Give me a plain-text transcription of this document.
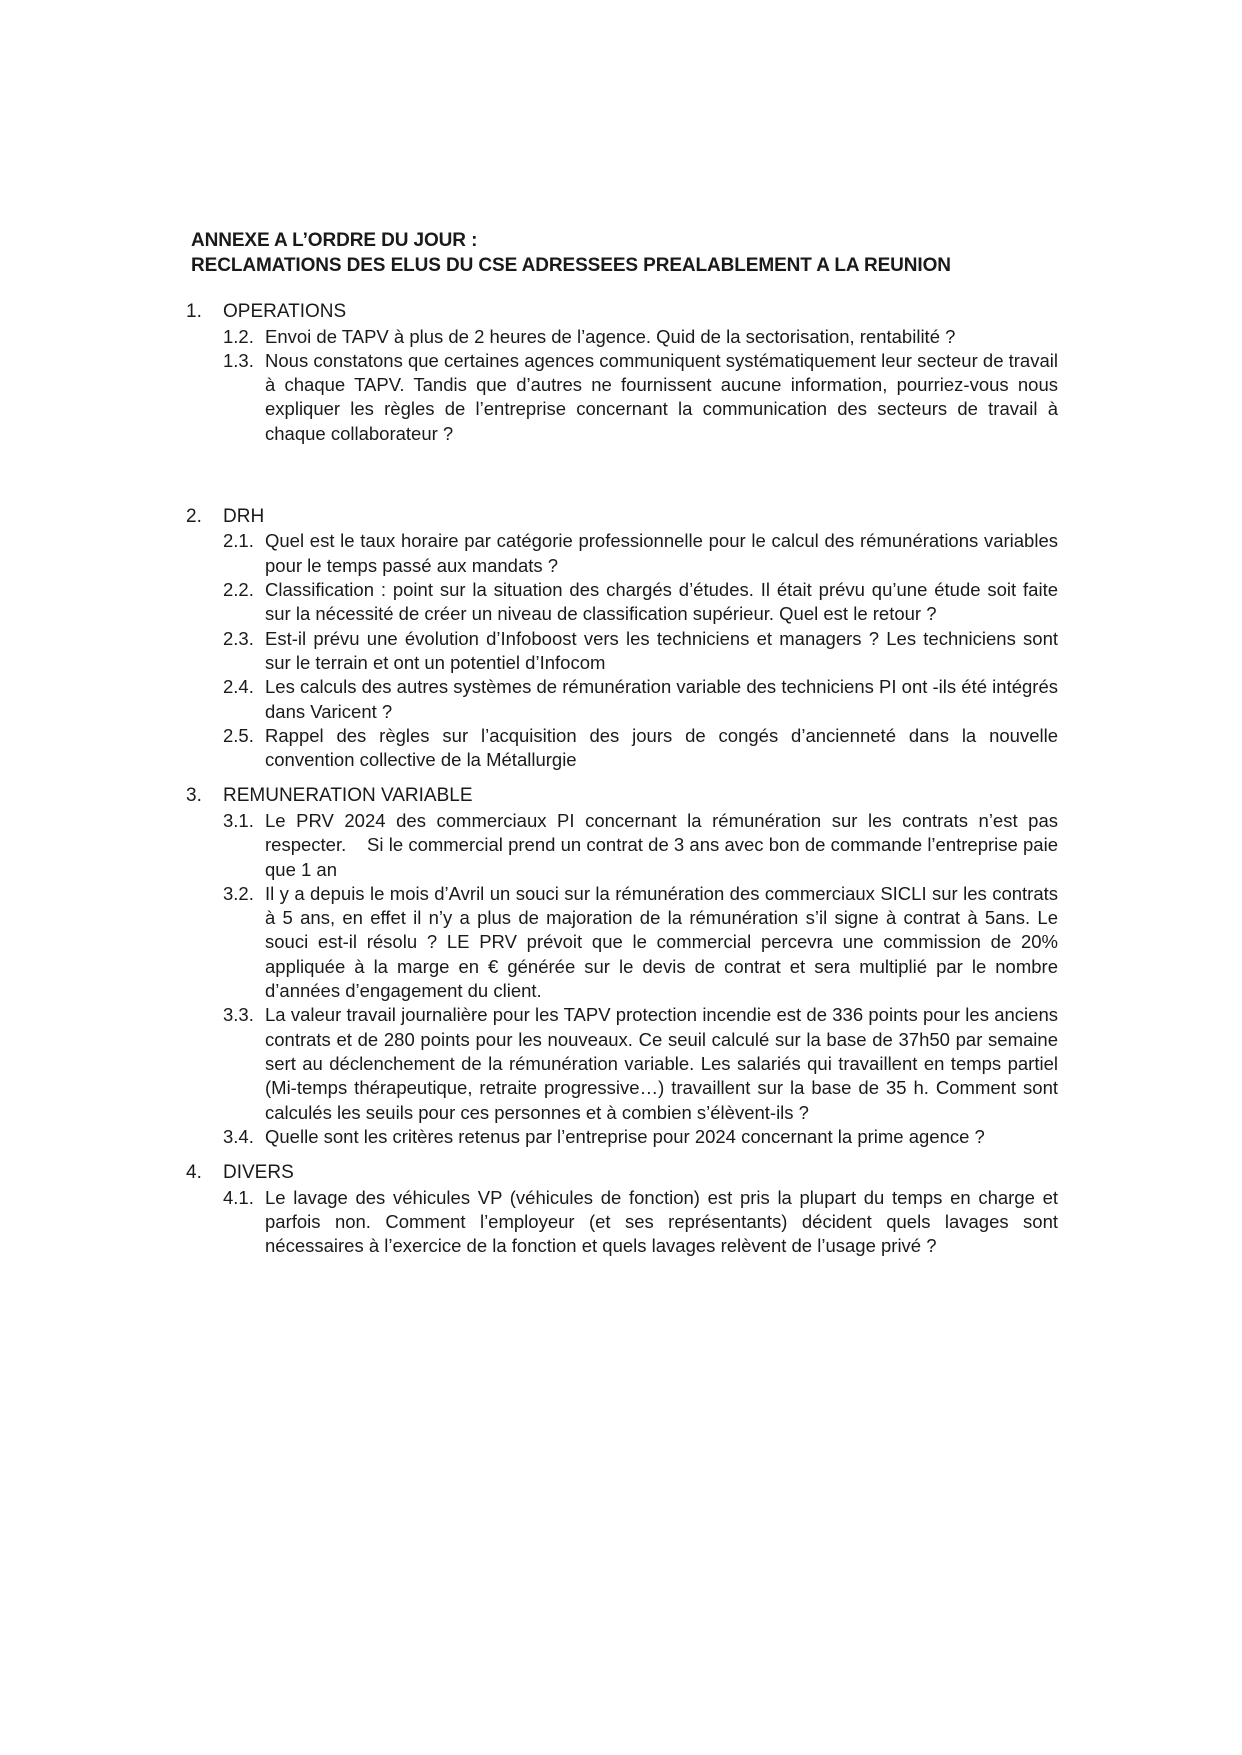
ANNEXE A L’ORDRE DU JOUR :
RECLAMATIONS DES ELUS DU CSE ADRESSEES PREALABLEMENT A LA REUNION
1. OPERATIONS
1.2. Envoi de TAPV à plus de 2 heures de l’agence. Quid de la sectorisation, rentabilité ?
1.3. Nous constatons que certaines agences communiquent systématiquement leur secteur de travail à chaque TAPV. Tandis que d’autres ne fournissent aucune information, pourriez-vous nous expliquer les règles de l’entreprise concernant la communication des secteurs de travail à chaque collaborateur ?
2. DRH
2.1. Quel est le taux horaire par catégorie professionnelle pour le calcul des rémunérations variables pour le temps passé aux mandats ?
2.2. Classification : point sur la situation des chargés d’études. Il était prévu qu’une étude soit faite sur la nécessité de créer un niveau de classification supérieur. Quel est le retour ?
2.3. Est-il prévu une évolution d’Infoboost vers les techniciens et managers ? Les techniciens sont sur le terrain et ont un potentiel d’Infocom
2.4. Les calculs des autres systèmes de rémunération variable des techniciens PI ont -ils été intégrés dans Varicent ?
2.5. Rappel des règles sur l’acquisition des jours de congés d’ancienneté dans la nouvelle convention collective de la Métallurgie
3. REMUNERATION VARIABLE
3.1. Le PRV 2024 des commerciaux PI concernant la rémunération sur les contrats n’est pas respecter.    Si le commercial prend un contrat de 3 ans avec bon de commande l’entreprise paie que 1 an
3.2. Il y a depuis le mois d’Avril un souci sur la rémunération des commerciaux SICLI sur les contrats à 5 ans, en effet il n’y a plus de majoration de la rémunération s’il signe à contrat à 5ans. Le souci est-il résolu ? LE PRV prévoit que le commercial percevra une commission de 20% appliquée à la marge en € générée sur le devis de contrat et sera multiplié par le nombre d’années d’engagement du client.
3.3. La valeur travail journalière pour les TAPV protection incendie est de 336 points pour les anciens contrats et de 280 points pour les nouveaux. Ce seuil calculé sur la base de 37h50 par semaine sert au déclenchement de la rémunération variable. Les salariés qui travaillent en temps partiel (Mi-temps thérapeutique, retraite progressive…) travaillent sur la base de 35 h. Comment sont calculés les seuils pour ces personnes et à combien s’élèvent-ils ?
3.4. Quelle sont les critères retenus par l’entreprise pour 2024 concernant la prime agence ?
4. DIVERS
4.1. Le lavage des véhicules VP (véhicules de fonction) est pris la plupart du temps en charge et parfois non. Comment l’employeur (et ses représentants) décident quels lavages sont nécessaires à l’exercice de la fonction et quels lavages relèvent de l’usage privé ?
